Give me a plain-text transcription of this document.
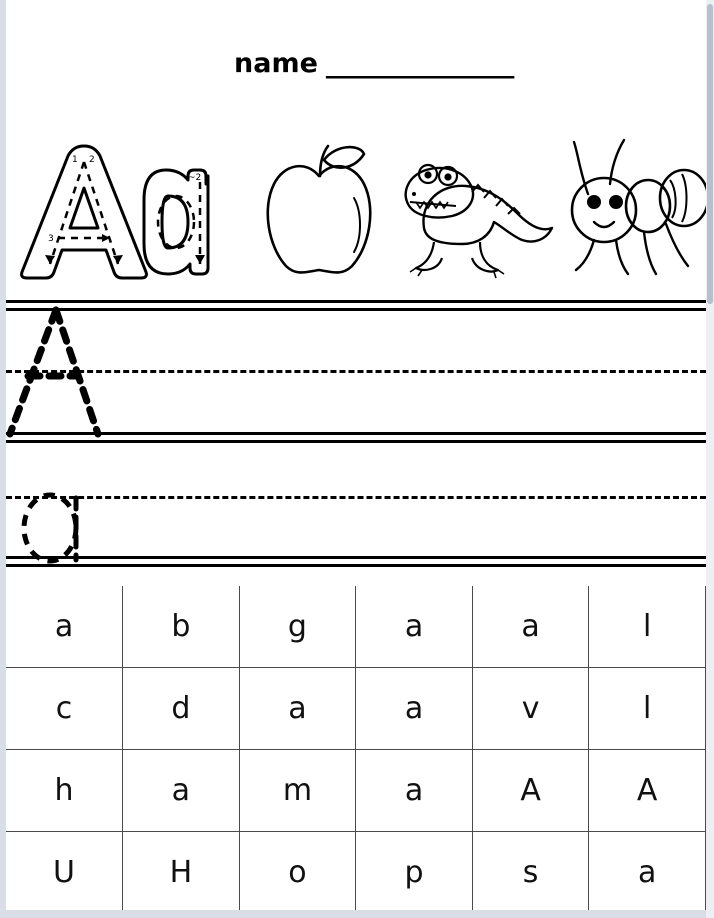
name _______________
1 2
3
~2
a	b	g	a	a	l
c	d	a	a	v	l
h	a	m	a	A	A
U	H	o	p	s	a
